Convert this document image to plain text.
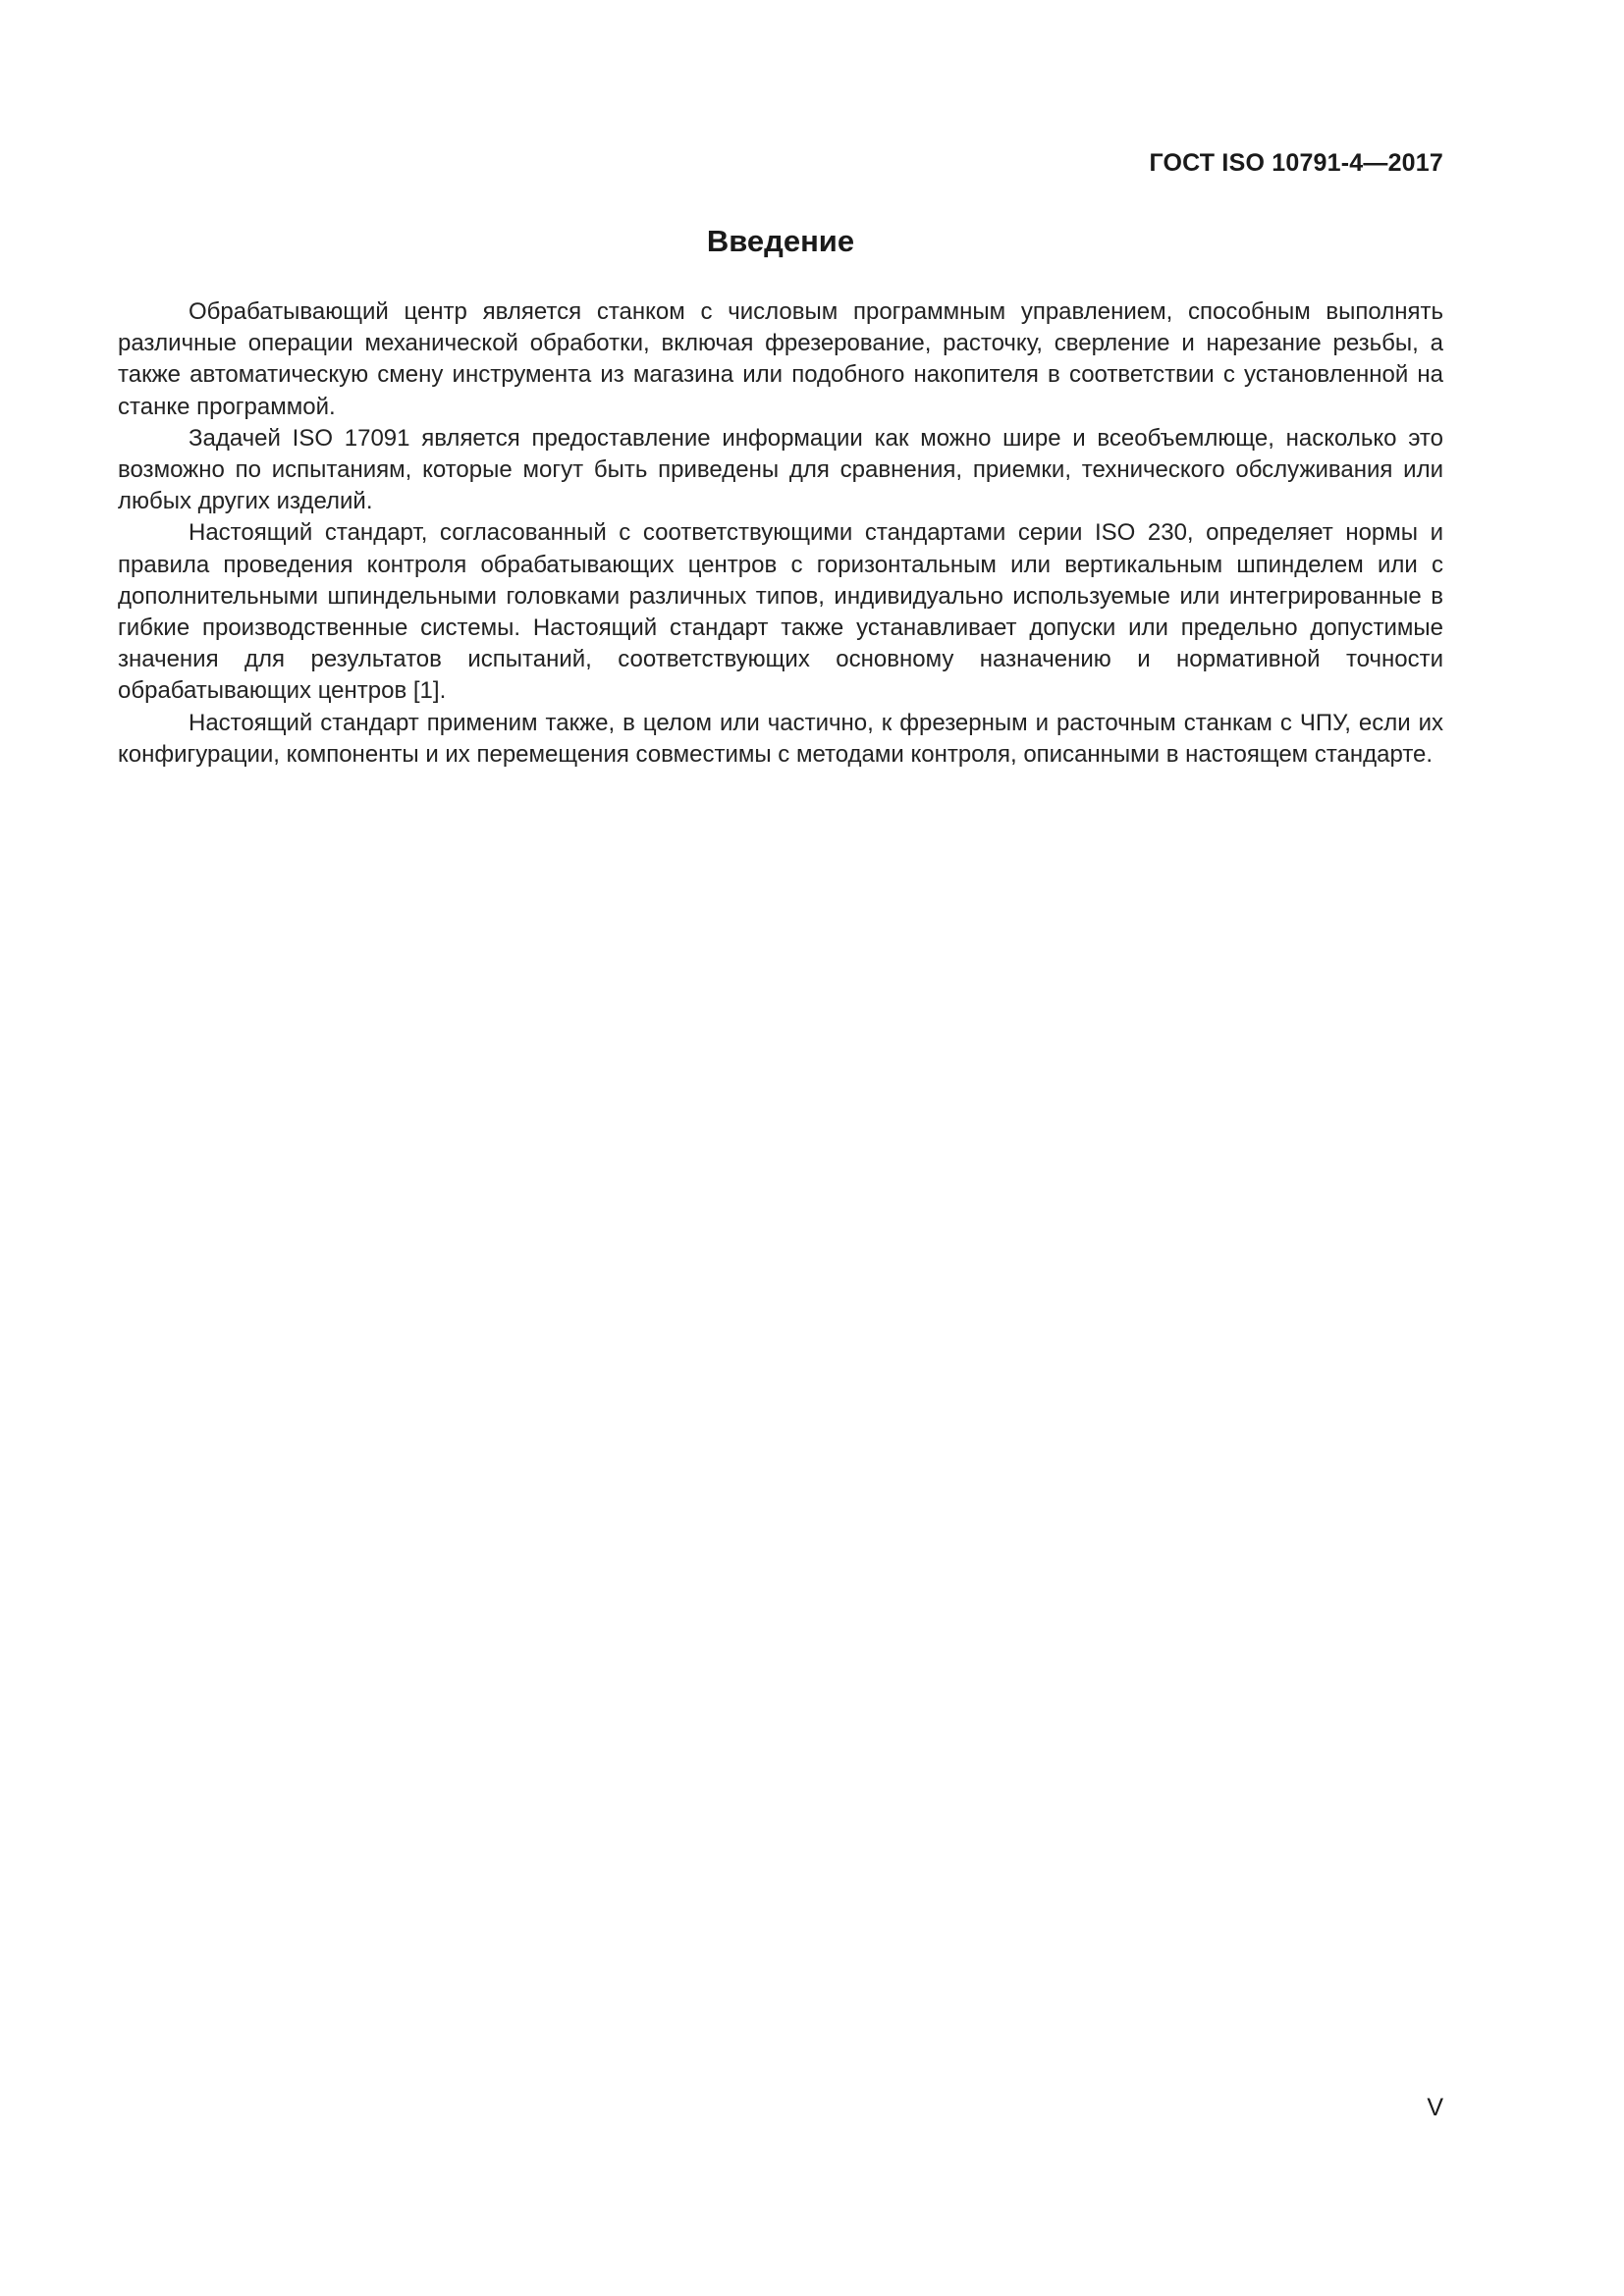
ГОСТ ISO 10791-4—2017
Введение

Обрабатывающий центр является станком с числовым программным управлением, способным выполнять различные операции механической обработки, включая фрезерование, расточку, сверление и нарезание резьбы, а также автоматическую смену инструмента из магазина или подобного накопителя в соответствии с установленной на станке программой.

Задачей ISO 17091 является предоставление информации как можно шире и всеобъемлюще, насколько это возможно по испытаниям, которые могут быть приведены для сравнения, приемки, технического обслуживания или любых других изделий.

Настоящий стандарт, согласованный с соответствующими стандартами серии ISO 230, определяет нормы и правила проведения контроля обрабатывающих центров с горизонтальным или вертикальным шпинделем или с дополнительными шпиндельными головками различных типов, индивидуально используемые или интегрированные в гибкие производственные системы. Настоящий стандарт также устанавливает допуски или предельно допустимые значения для результатов испытаний, соответствующих основному назначению и нормативной точности обрабатывающих центров [1].

Настоящий стандарт применим также, в целом или частично, к фрезерным и расточным станкам с ЧПУ, если их конфигурации, компоненты и их перемещения совместимы с методами контроля, описанными в настоящем стандарте.

V
